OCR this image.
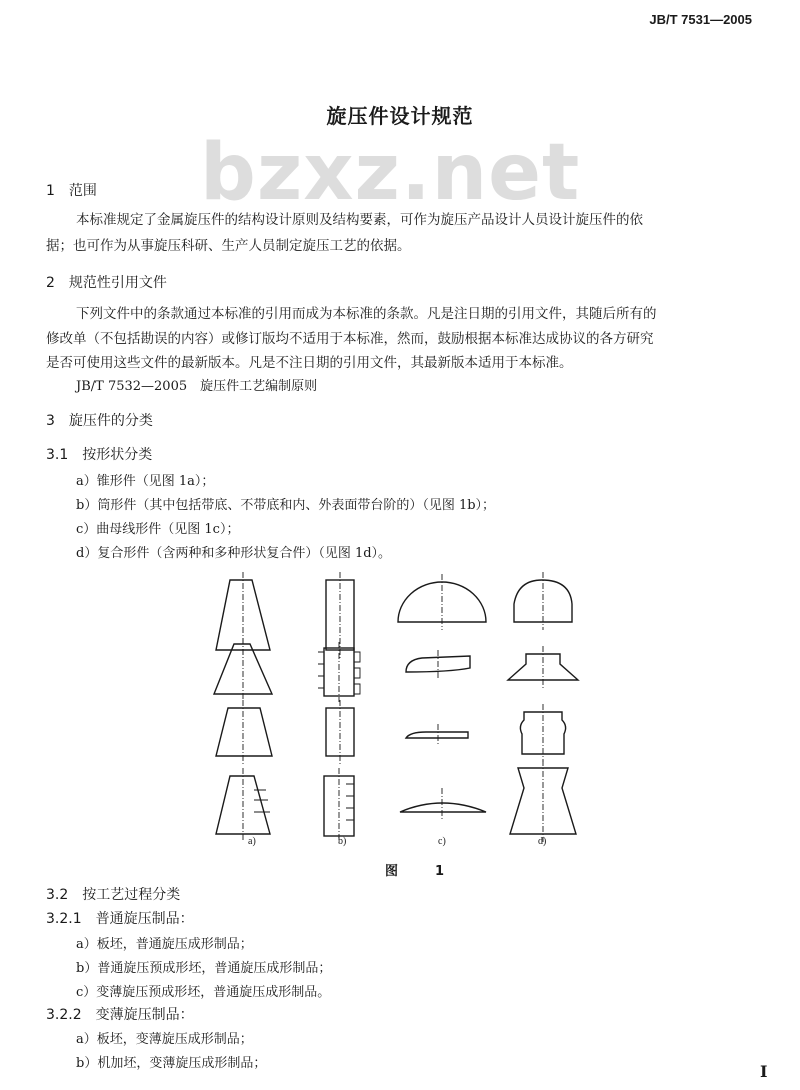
JB/T 7531—2005
bzxz.net
旋压件设计规范
1　范围
本标准规定了金属旋压件的结构设计原则及结构要素，可作为旋压产品设计人员设计旋压件的依
据；也可作为从事旋压科研、生产人员制定旋压工艺的依据。
2　规范性引用文件
下列文件中的条款通过本标准的引用而成为本标准的条款。凡是注日期的引用文件，其随后所有的
修改单（不包括勘误的内容）或修订版均不适用于本标准，然而，鼓励根据本标准达成协议的各方研究
是否可使用这些文件的最新版本。凡是不注日期的引用文件，其最新版本适用于本标准。
JB/T 7532—2005　旋压件工艺编制原则
3　旋压件的分类
3.1　按形状分类
a）锥形件（见图 1a）；
b）筒形件（其中包括带底、不带底和内、外表面带台阶的）（见图 1b）；
c）曲母线形件（见图 1c）；
d）复合形件（含两种和多种形状复合件）（见图 1d）。
a)	b)	c)	d)
图　1
3.2　按工艺过程分类
3.2.1　普通旋压制品：
a）板坯，普通旋压成形制品；
b）普通旋压预成形坯，普通旋压成形制品；
c）变薄旋压预成形坯，普通旋压成形制品。
3.2.2　变薄旋压制品：
a）板坯，变薄旋压成形制品；
b）机加坯，变薄旋压成形制品；	I
